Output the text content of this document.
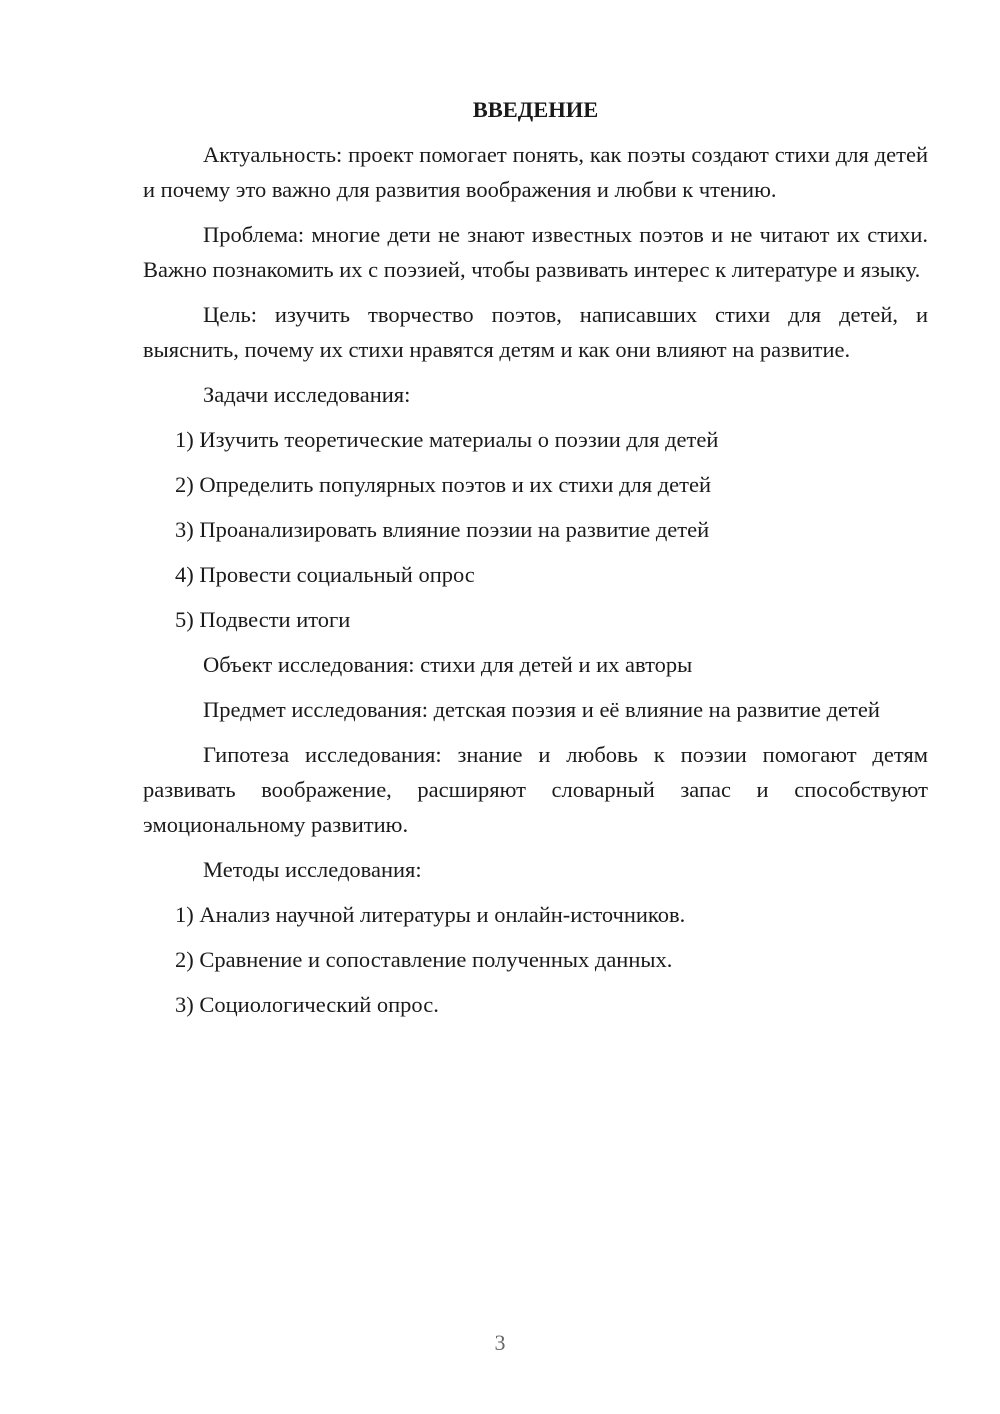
ВВЕДЕНИЕ
Актуальность: проект помогает понять, как поэты создают стихи для детей и почему это важно для развития воображения и любви к чтению.
Проблема: многие дети не знают известных поэтов и не читают их стихи. Важно познакомить их с поэзией, чтобы развивать интерес к литературе и языку.
Цель: изучить творчество поэтов, написавших стихи для детей, и выяснить, почему их стихи нравятся детям и как они влияют на развитие.
Задачи исследования:
1) Изучить теоретические материалы о поэзии для детей
2) Определить популярных поэтов и их стихи для детей
3) Проанализировать влияние поэзии на развитие детей
4) Провести социальный опрос
5) Подвести итоги
Объект исследования: стихи для детей и их авторы
Предмет исследования: детская поэзия и её влияние на развитие детей
Гипотеза исследования: знание и любовь к поэзии помогают детям развивать воображение, расширяют словарный запас и способствуют эмоциональному развитию.
Методы исследования:
1) Анализ научной литературы и онлайн-источников.
2) Сравнение и сопоставление полученных данных.
3) Социологический опрос.
3
